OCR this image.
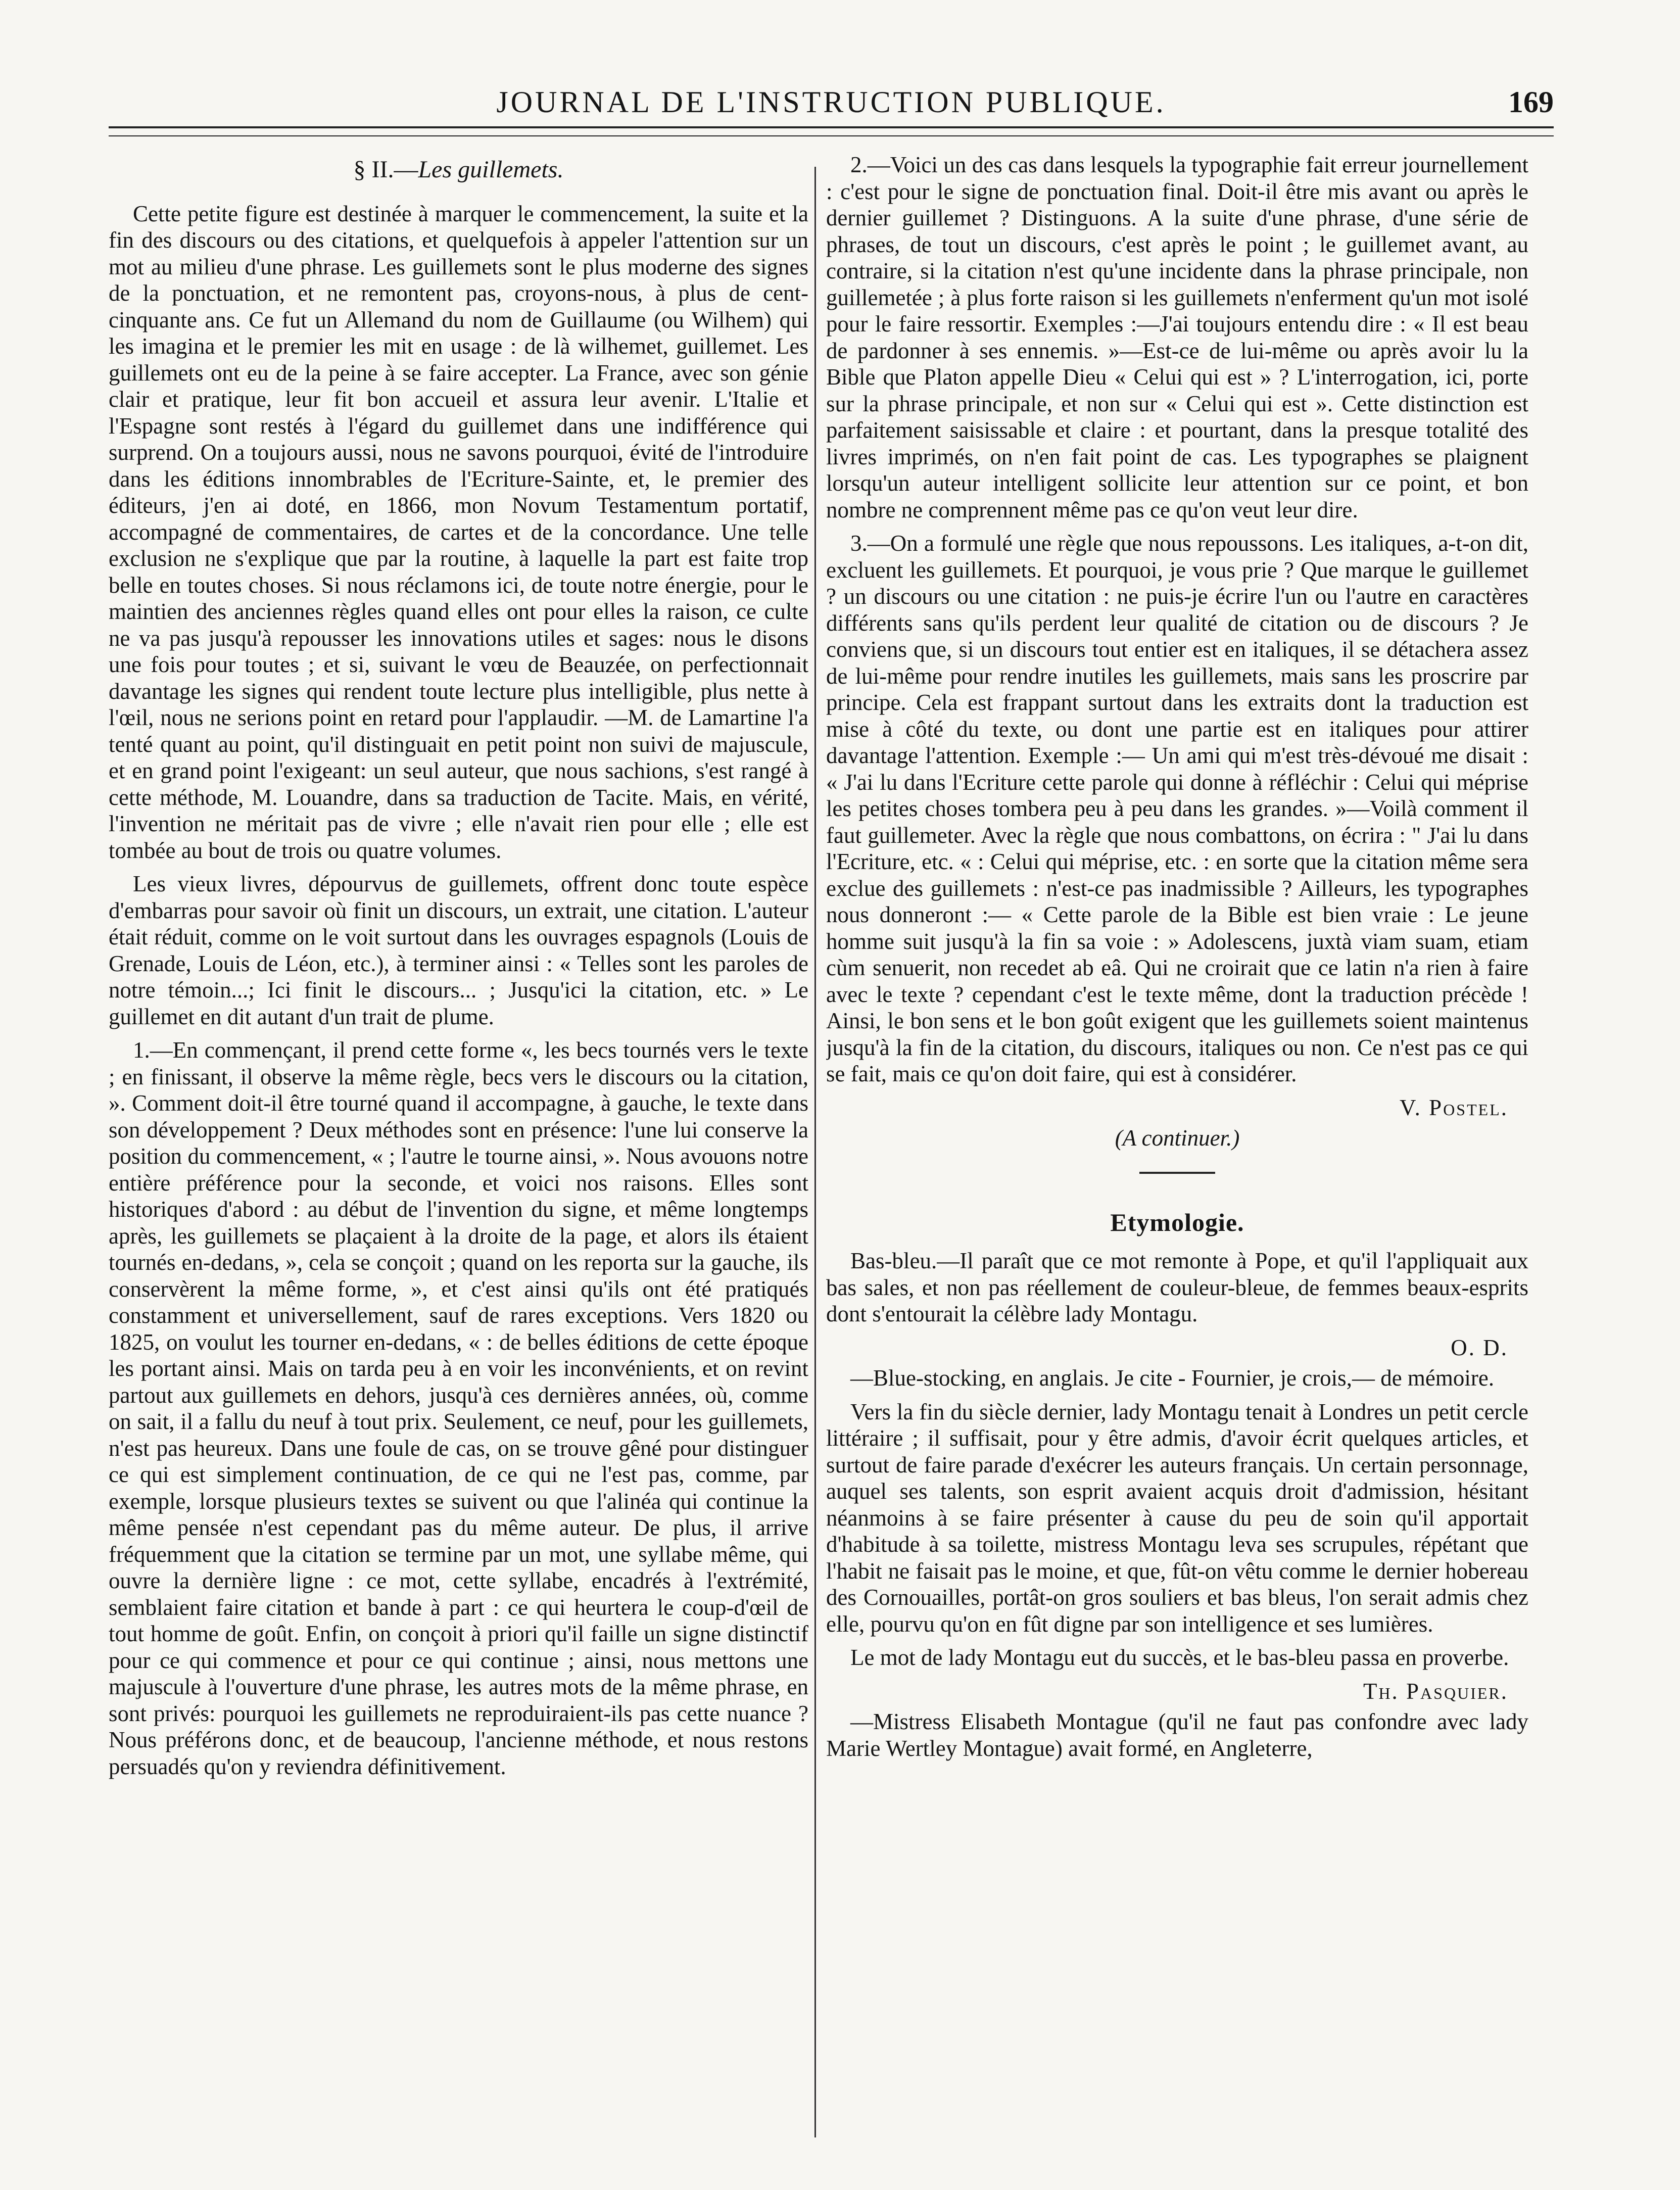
JOURNAL DE L'INSTRUCTION PUBLIQUE.	169
§ II.—Les guillemets.

Cette petite figure est destinée à marquer le commencement, la suite et la fin des discours ou des citations, et quelquefois à appeler l'attention sur un mot au milieu d'une phrase. Les guillemets sont le plus moderne des signes de la ponctuation, et ne remontent pas, croyons-nous, à plus de cent-cinquante ans. Ce fut un Allemand du nom de Guillaume (ou Wilhem) qui les imagina et le premier les mit en usage : de là wilhemet, guillemet. Les guillemets ont eu de la peine à se faire accepter. La France, avec son génie clair et pratique, leur fit bon accueil et assura leur avenir. L'Italie et l'Espagne sont restés à l'égard du guillemet dans une indifférence qui surprend. On a toujours aussi, nous ne savons pourquoi, évité de l'introduire dans les éditions innombrables de l'Ecriture-Sainte, et, le premier des éditeurs, j'en ai doté, en 1866, mon Novum Testamentum portatif, accompagné de commentaires, de cartes et de la concordance. Une telle exclusion ne s'explique que par la routine, à laquelle la part est faite trop belle en toutes choses. Si nous réclamons ici, de toute notre énergie, pour le maintien des anciennes règles quand elles ont pour elles la raison, ce culte ne va pas jusqu'à repousser les innovations utiles et sages: nous le disons une fois pour toutes ; et si, suivant le vœu de Beauzée, on perfectionnait davantage les signes qui rendent toute lecture plus intelligible, plus nette à l'œil, nous ne serions point en retard pour l'applaudir. —M. de Lamartine l'a tenté quant au point, qu'il distinguait en petit point non suivi de majuscule, et en grand point l'exigeant: un seul auteur, que nous sachions, s'est rangé à cette méthode, M. Louandre, dans sa traduction de Tacite. Mais, en vérité, l'invention ne méritait pas de vivre ; elle n'avait rien pour elle ; elle est tombée au bout de trois ou quatre volumes.

Les vieux livres, dépourvus de guillemets, offrent donc toute espèce d'embarras pour savoir où finit un discours, un extrait, une citation. L'auteur était réduit, comme on le voit surtout dans les ouvrages espagnols (Louis de Grenade, Louis de Léon, etc.), à terminer ainsi : « Telles sont les paroles de notre témoin...; Ici finit le discours... ; Jusqu'ici la citation, etc. » Le guillemet en dit autant d'un trait de plume.

1.—En commençant, il prend cette forme «, les becs tournés vers le texte ; en finissant, il observe la même règle, becs vers le discours ou la citation, ». Comment doit-il être tourné quand il accompagne, à gauche, le texte dans son développement ? Deux méthodes sont en présence: l'une lui conserve la position du commencement, « ; l'autre le tourne ainsi, ». Nous avouons notre entière préférence pour la seconde, et voici nos raisons. Elles sont historiques d'abord : au début de l'invention du signe, et même longtemps après, les guillemets se plaçaient à la droite de la page, et alors ils étaient tournés en-dedans, », cela se conçoit ; quand on les reporta sur la gauche, ils conservèrent la même forme, », et c'est ainsi qu'ils ont été pratiqués constamment et universellement, sauf de rares exceptions. Vers 1820 ou 1825, on voulut les tourner en-dedans, « : de belles éditions de cette époque les portant ainsi. Mais on tarda peu à en voir les inconvénients, et on revint partout aux guillemets en dehors, jusqu'à ces dernières années, où, comme on sait, il a fallu du neuf à tout prix. Seulement, ce neuf, pour les guillemets, n'est pas heureux. Dans une foule de cas, on se trouve gêné pour distinguer ce qui est simplement continuation, de ce qui ne l'est pas, comme, par exemple, lorsque plusieurs textes se suivent ou que l'alinéa qui continue la même pensée n'est cependant pas du même auteur. De plus, il arrive fréquemment que la citation se termine par un mot, une syllabe même, qui ouvre la dernière ligne : ce mot, cette syllabe, encadrés à l'extrémité, semblaient faire citation et bande à part : ce qui heurtera le coup-d'œil de tout homme de goût. Enfin, on conçoit à priori qu'il faille un signe distinctif pour ce qui commence et pour ce qui continue ; ainsi, nous mettons une majuscule à l'ouverture d'une phrase, les autres mots de la même phrase, en sont privés: pourquoi les guillemets ne reproduiraient-ils pas cette nuance ? Nous préférons donc, et de beaucoup, l'ancienne méthode, et nous restons persuadés qu'on y reviendra définitivement.

2.—Voici un des cas dans lesquels la typographie fait erreur journellement : c'est pour le signe de ponctuation final. Doit-il être mis avant ou après le dernier guillemet ? Distinguons. A la suite d'une phrase, d'une série de phrases, de tout un discours, c'est après le point ; le guillemet avant, au contraire, si la citation n'est qu'une incidente dans la phrase principale, non guillemetée ; à plus forte raison si les guillemets n'enferment qu'un mot isolé pour le faire ressortir. Exemples :—J'ai toujours entendu dire : « Il est beau de pardonner à ses ennemis. »—Est-ce de lui-même ou après avoir lu la Bible que Platon appelle Dieu « Celui qui est » ? L'interrogation, ici, porte sur la phrase principale, et non sur « Celui qui est ». Cette distinction est parfaitement saisissable et claire : et pourtant, dans la presque totalité des livres imprimés, on n'en fait point de cas. Les typographes se plaignent lorsqu'un auteur intelligent sollicite leur attention sur ce point, et bon nombre ne comprennent même pas ce qu'on veut leur dire.

3.—On a formulé une règle que nous repoussons. Les italiques, a-t-on dit, excluent les guillemets. Et pourquoi, je vous prie ? Que marque le guillemet ? un discours ou une citation : ne puis-je écrire l'un ou l'autre en caractères différents sans qu'ils perdent leur qualité de citation ou de discours ? Je conviens que, si un discours tout entier est en italiques, il se détachera assez de lui-même pour rendre inutiles les guillemets, mais sans les proscrire par principe. Cela est frappant surtout dans les extraits dont la traduction est mise à côté du texte, ou dont une partie est en italiques pour attirer davantage l'attention. Exemple :— Un ami qui m'est très-dévoué me disait : « J'ai lu dans l'Ecriture cette parole qui donne à réfléchir : Celui qui méprise les petites choses tombera peu à peu dans les grandes. »—Voilà comment il faut guillemeter. Avec la règle que nous combattons, on écrira : " J'ai lu dans l'Ecriture, etc. « : Celui qui méprise, etc. : en sorte que la citation même sera exclue des guillemets : n'est-ce pas inadmissible ? Ailleurs, les typographes nous donneront :— « Cette parole de la Bible est bien vraie : Le jeune homme suit jusqu'à la fin sa voie : » Adolescens, juxtà viam suam, etiam cùm senuerit, non recedet ab eâ. Qui ne croirait que ce latin n'a rien à faire avec le texte ? cependant c'est le texte même, dont la traduction précède ! Ainsi, le bon sens et le bon goût exigent que les guillemets soient maintenus jusqu'à la fin de la citation, du discours, italiques ou non. Ce n'est pas ce qui se fait, mais ce qu'on doit faire, qui est à considérer.

V. Postel.
(A continuer.)
Etymologie.

Bas-bleu.—Il paraît que ce mot remonte à Pope, et qu'il l'appliquait aux bas sales, et non pas réellement de couleur-bleue, de femmes beaux-esprits dont s'entourait la célèbre lady Montagu.

O. D.

—Blue-stocking, en anglais. Je cite - Fournier, je crois,— de mémoire.

Vers la fin du siècle dernier, lady Montagu tenait à Londres un petit cercle littéraire ; il suffisait, pour y être admis, d'avoir écrit quelques articles, et surtout de faire parade d'exécrer les auteurs français. Un certain personnage, auquel ses talents, son esprit avaient acquis droit d'admission, hésitant néanmoins à se faire présenter à cause du peu de soin qu'il apportait d'habitude à sa toilette, mistress Montagu leva ses scrupules, répétant que l'habit ne faisait pas le moine, et que, fût-on vêtu comme le dernier hobereau des Cornouailles, portât-on gros souliers et bas bleus, l'on serait admis chez elle, pourvu qu'on en fût digne par son intelligence et ses lumières.

Le mot de lady Montagu eut du succès, et le bas-bleu passa en proverbe.

Th. Pasquier.

—Mistress Elisabeth Montague (qu'il ne faut pas confondre avec lady Marie Wertley Montague) avait formé, en Angleterre,
